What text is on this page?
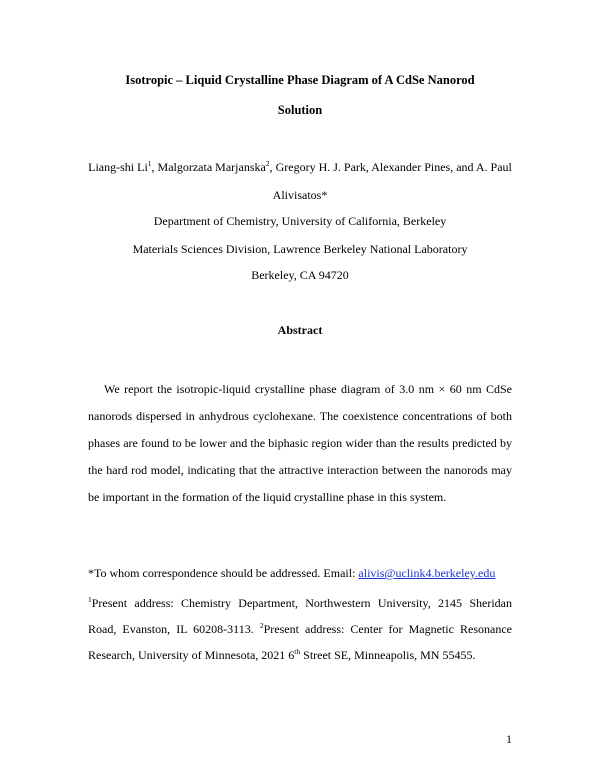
Isotropic – Liquid Crystalline Phase Diagram of A CdSe Nanorod
Solution
Liang-shi Li$^1$, Malgorzata Marjanska$^2$, Gregory H. J. Park, Alexander Pines, and A. Paul
Alivisatos*
Department of Chemistry, University of California, Berkeley
Materials Sciences Division, Lawrence Berkeley National Laboratory
Berkeley, CA 94720
Abstract
We report the isotropic-liquid crystalline phase diagram of 3.0 nm × 60 nm CdSe nanorods dispersed in anhydrous cyclohexane. The coexistence concentrations of both phases are found to be lower and the biphasic region wider than the results predicted by the hard rod model, indicating that the attractive interaction between the nanorods may be important in the formation of the liquid crystalline phase in this system.
*To whom correspondence should be addressed. Email: alivis@uclink4.berkeley.edu
$^1$Present address: Chemistry Department, Northwestern University, 2145 Sheridan Road, Evanston, IL 60208-3113. $^2$Present address: Center for Magnetic Resonance Research, University of Minnesota, 2021 6th Street SE, Minneapolis, MN 55455.
1
